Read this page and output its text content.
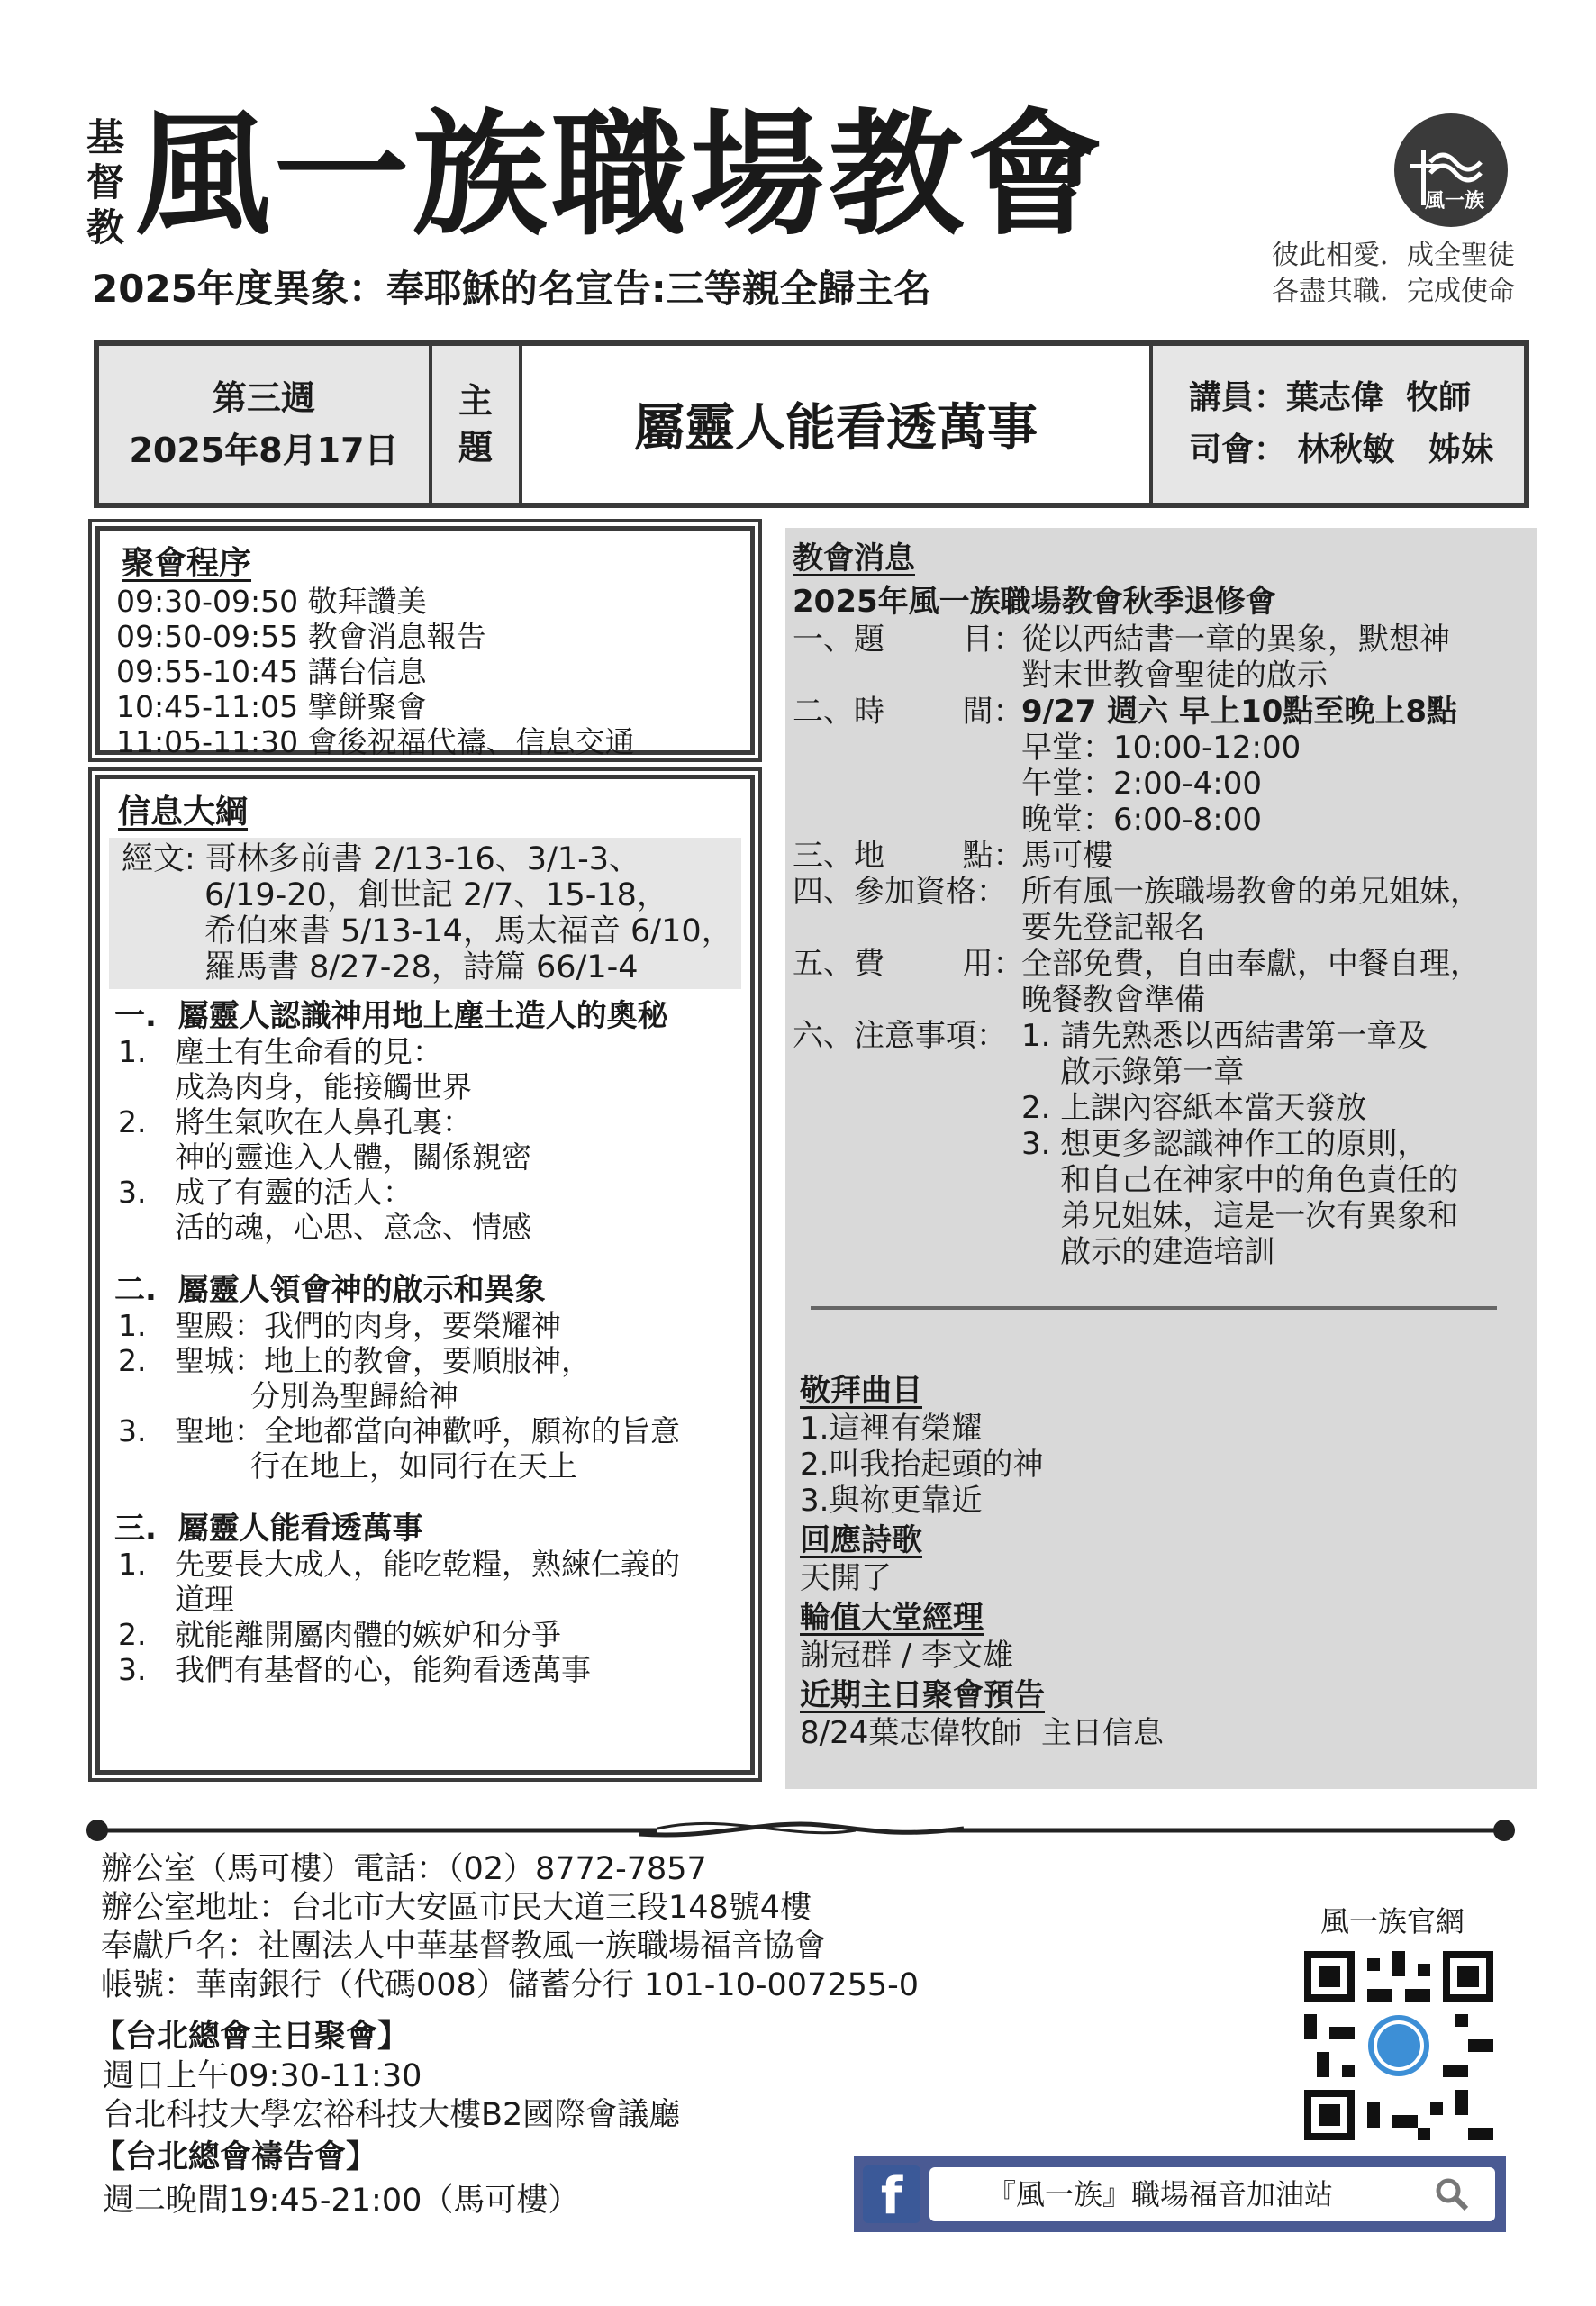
基
督
教 風一族職場教會
2025年度異象：奉耶穌的名宣告:三等親全歸主名
風一族
彼此相愛．成全聖徒
各盡其職．完成使命
第三週
2025年8月17日
主
題	屬靈人能看透萬事
講員：葉志偉  牧師
司會： 林秋敏   姊妹
聚會程序
09:30-09:50 敬拜讚美
09:50-09:55 教會消息報告
09:55-10:45 講台信息
10:45-11:05 擘餅聚會
11:05-11:30 會後祝福代禱、信息交通
信息大綱
經文: 哥林多前書 2/13-16、3/1-3、
6/19-20，創世記 2/7、15-18，
希伯來書 5/13-14，馬太福音 6/10，
羅馬書 8/27-28，詩篇 66/1-4
一.  屬靈人認識神用地上塵土造人的奧秘
1.   塵土有生命看的見：
成為肉身，能接觸世界
2.   將生氣吹在人鼻孔裏：
神的靈進入人體，關係親密
3.   成了有靈的活人：
活的魂，心思、意念、情感
二.  屬靈人領會神的啟示和異象
1.   聖殿：我們的肉身，要榮耀神
2.   聖城：地上的教會，要順服神，
分別為聖歸給神
3.   聖地：全地都當向神歡呼，願祢的旨意
行在地上，如同行在天上
三.  屬靈人能看透萬事
1.   先要長大成人，能吃乾糧，熟練仁義的
道理
2.   就能離開屬肉體的嫉妒和分爭
3.   我們有基督的心，能夠看透萬事
教會消息
2025年風一族職場教會秋季退修會
一、題        目：
從以西結書一章的異象，默想神
對末世教會聖徒的啟示
二、時        間：
9/27 週六 早上10點至晚上8點
早堂：10:00-12:00
午堂：2:00-4:00
晚堂：6:00-8:00
三、地        點：
馬可樓
四、參加資格： 所有風一族職場教會的弟兄姐妹，
要先登記報名
五、費        用：
全部免費，自由奉獻，中餐自理，
晚餐教會準備
六、注意事項： 1. 請先熟悉以西結書第一章及
啟示錄第一章
2. 上課內容紙本當天發放
3. 想更多認識神作工的原則，
和自己在神家中的角色責任的
弟兄姐妹，這是一次有異象和
啟示的建造培訓
敬拜曲目
1.這裡有榮耀
2.叫我抬起頭的神
3.與祢更靠近
回應詩歌
天開了
輪值大堂經理
謝冠群 / 李文雄
近期主日聚會預告
8/24葉志偉牧師  主日信息
辦公室（馬可樓）電話：（02）8772-7857
辦公室地址：台北市大安區市民大道三段148號4樓
奉獻戶名：社團法人中華基督教風一族職場福音協會
帳號：華南銀行（代碼008）儲蓄分行 101-10-007255-0
【台北總會主日聚會】
週日上午09:30-11:30
台北科技大學宏裕科技大樓B2國際會議廳
【台北總會禱告會】
週二晚間19:45-21:00（馬可樓）
風一族官網
f	『風一族』職場福音加油站
